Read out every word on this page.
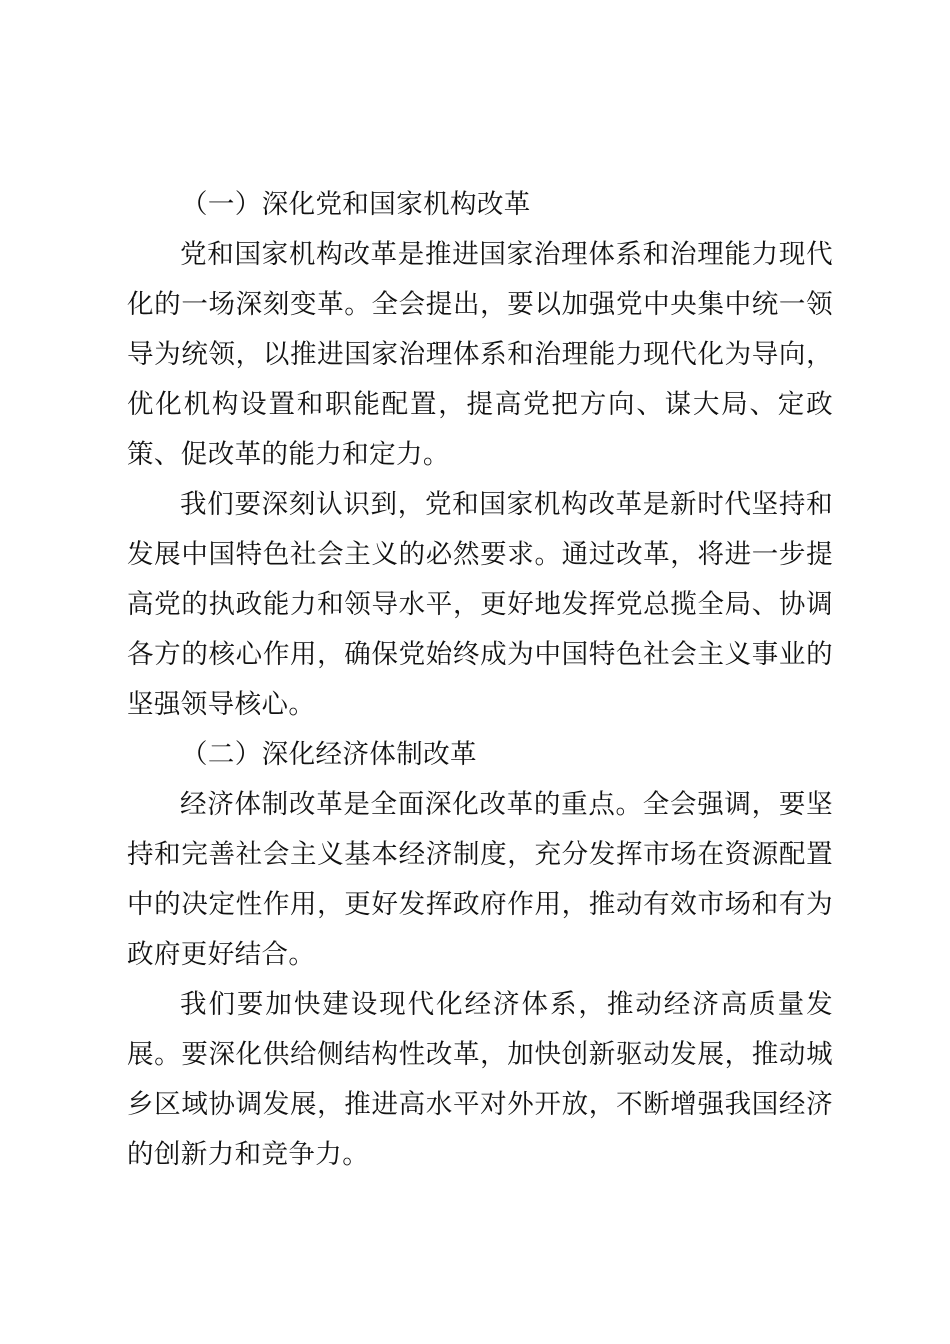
（一）深化党和国家机构改革

党和国家机构改革是推进国家治理体系和治理能力现代化的一场深刻变革。全会提出，要以加强党中央集中统一领导为统领，以推进国家治理体系和治理能力现代化为导向，优化机构设置和职能配置，提高党把方向、谋大局、定政策、促改革的能力和定力。

我们要深刻认识到，党和国家机构改革是新时代坚持和发展中国特色社会主义的必然要求。通过改革，将进一步提高党的执政能力和领导水平，更好地发挥党总揽全局、协调各方的核心作用，确保党始终成为中国特色社会主义事业的坚强领导核心。

（二）深化经济体制改革

经济体制改革是全面深化改革的重点。全会强调，要坚持和完善社会主义基本经济制度，充分发挥市场在资源配置中的决定性作用，更好发挥政府作用，推动有效市场和有为政府更好结合。

我们要加快建设现代化经济体系，推动经济高质量发展。要深化供给侧结构性改革，加快创新驱动发展，推动城乡区域协调发展，推进高水平对外开放，不断增强我国经济的创新力和竞争力。
